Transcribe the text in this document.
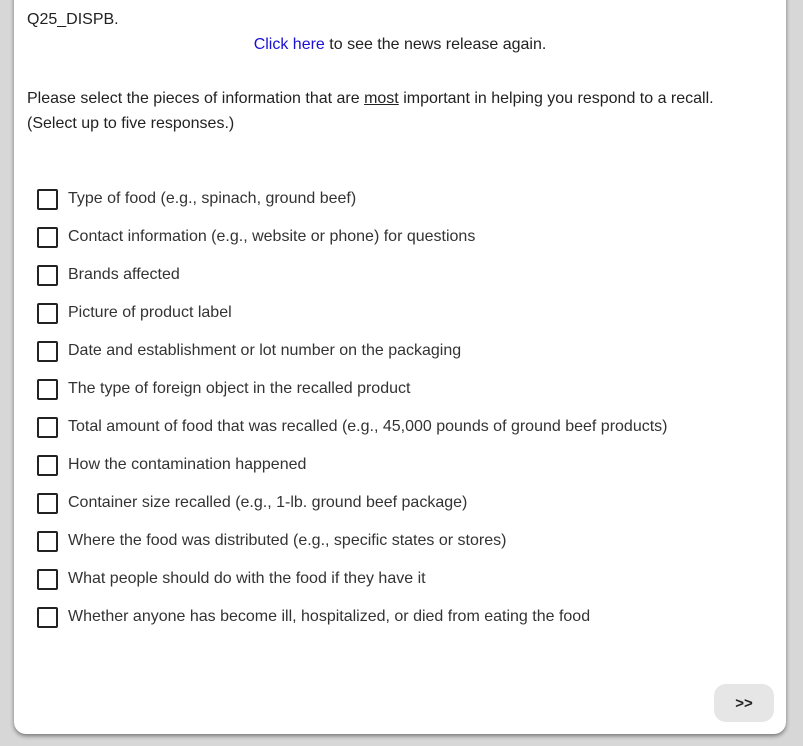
Q25_DISPB.
Click here to see the news release again.
Please select the pieces of information that are most important in helping you respond to a recall.
(Select up to five responses.)
Type of food (e.g., spinach, ground beef)
Contact information (e.g., website or phone) for questions
Brands affected
Picture of product label
Date and establishment or lot number on the packaging
The type of foreign object in the recalled product
Total amount of food that was recalled (e.g., 45,000 pounds of ground beef products)
How the contamination happened
Container size recalled (e.g., 1-lb. ground beef package)
Where the food was distributed (e.g., specific states or stores)
What people should do with the food if they have it
Whether anyone has become ill, hospitalized, or died from eating the food
>>
